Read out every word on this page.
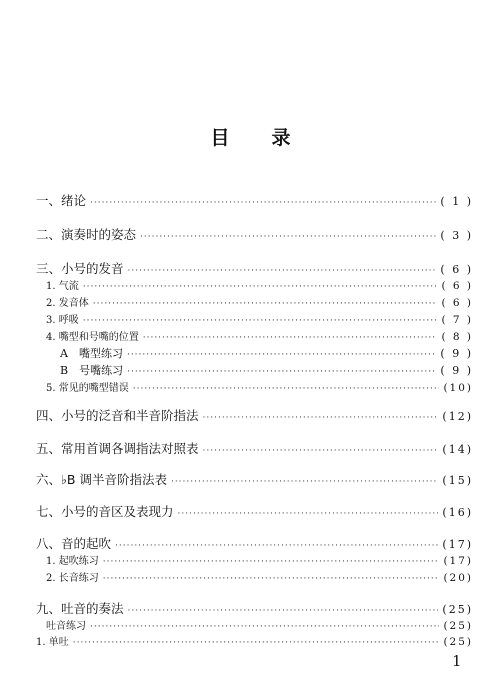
目 录
一、绪论 ·····	( 1 )
二、演奏时的姿态 ·····	( 3 )
三、小号的发音 ·····	( 6 )
1. 气流 ·····	( 6 )
2. 发音体 ·····	( 6 )
3. 呼吸 ·····	( 7 )
4. 嘴型和号嘴的位置 ·····	( 8 )
A　嘴型练习 ·····	( 9 )
B　号嘴练习 ·····	( 9 )
5. 常见的嘴型错误 ·····	(10)
四、小号的泛音和半音阶指法 ·····	(12)
五、常用首调各调指法对照表 ·····	(14)
六、♭B 调半音阶指法表 ·····	(15)
七、小号的音区及表现力 ·····	(16)
八、音的起吹 ·····	(17)
1. 起吹练习 ·····	(17)
2. 长音练习 ·····	(20)
九、吐音的奏法 ·····	(25)
吐音练习 ·····	(25)
1. 单吐 ·····	(25)
1
